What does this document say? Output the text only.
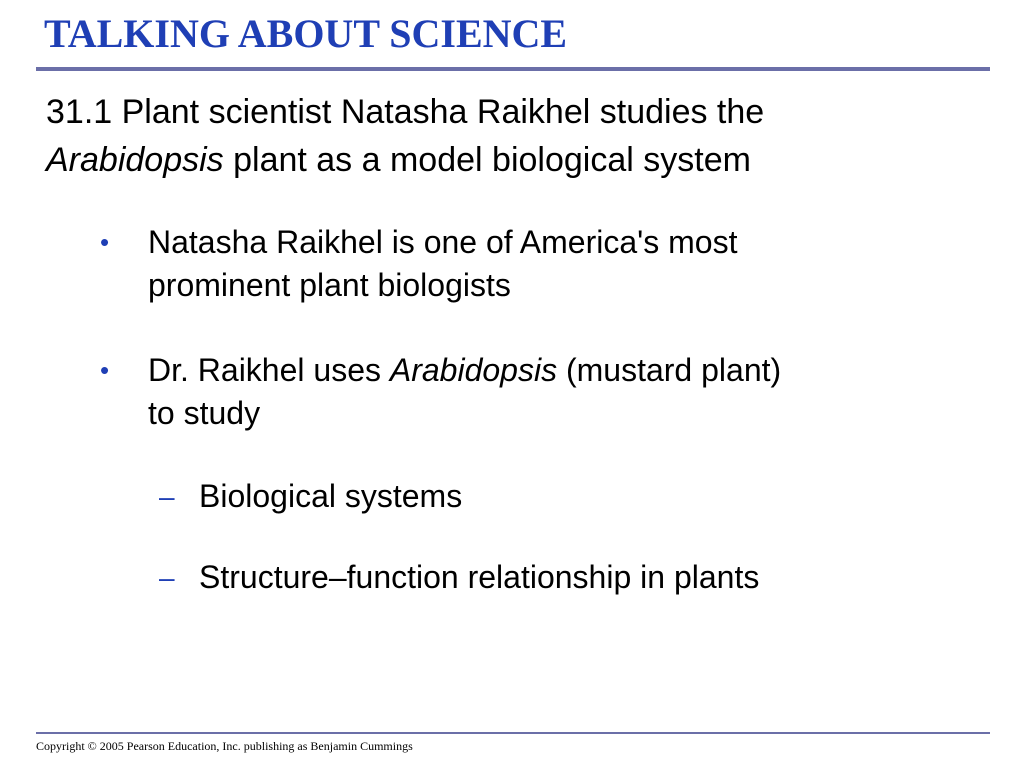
TALKING ABOUT SCIENCE
31.1 Plant scientist Natasha Raikhel studies the
Arabidopsis plant as a model biological system
• Natasha Raikhel is one of America's most
prominent plant biologists
• Dr. Raikhel uses Arabidopsis (mustard plant)
to study
– Biological systems
– Structure–function relationship in plants
Copyright © 2005 Pearson Education, Inc. publishing as Benjamin Cummings
